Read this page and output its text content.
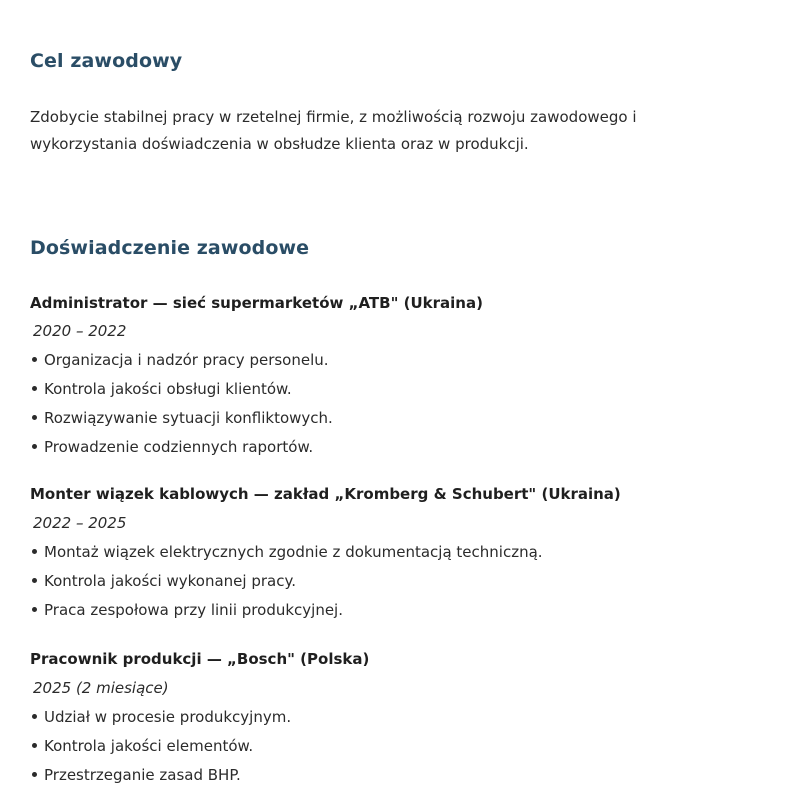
Cel zawodowy
Zdobycie stabilnej pracy w rzetelnej firmie, z możliwością rozwoju zawodowego i
wykorzystania doświadczenia w obsłudze klienta oraz w produkcji.
Doświadczenie zawodowe
Administrator — sieć supermarketów „ATB" (Ukraina)
2020 – 2022
Organizacja i nadzór pracy personelu.
Kontrola jakości obsługi klientów.
Rozwiązywanie sytuacji konfliktowych.
Prowadzenie codziennych raportów.
Monter wiązek kablowych — zakład „Kromberg & Schubert" (Ukraina)
2022 – 2025
Montaż wiązek elektrycznych zgodnie z dokumentacją techniczną.
Kontrola jakości wykonanej pracy.
Praca zespołowa przy linii produkcyjnej.
Pracownik produkcji — „Bosch" (Polska)
2025 (2 miesiące)
Udział w procesie produkcyjnym.
Kontrola jakości elementów.
Przestrzeganie zasad BHP.
